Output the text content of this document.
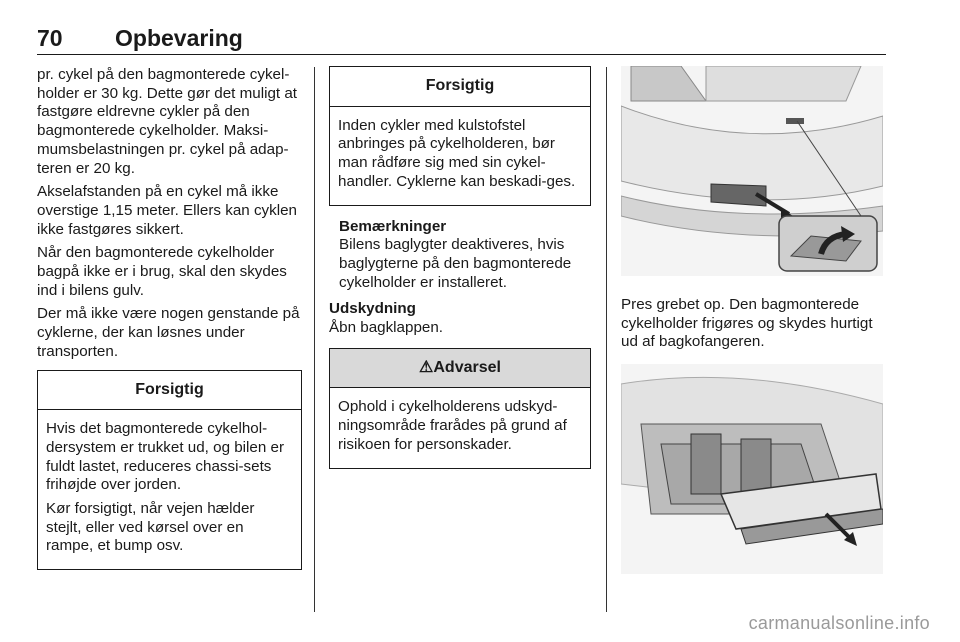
70 Opbevaring

pr. cykel på den bagmonterede cykel-holder er 30 kg. Dette gør det muligt at fastgøre eldrevne cykler på den bagmonterede cykelholder. Maksi-mumsbelastningen pr. cykel på adap-teren er 20 kg.

Akselafstanden på en cykel må ikke overstige 1,15 meter. Ellers kan cyklen ikke fastgøres sikkert.

Når den bagmonterede cykelholder bagpå ikke er i brug, skal den skydes ind i bilens gulv.

Der må ikke være nogen genstande på cyklerne, der kan løsnes under transporten.

Forsigtig

Hvis det bagmonterede cykelhol-dersystem er trukket ud, og bilen er fuldt lastet, reduceres chassi-sets frihøjde over jorden.

Kør forsigtigt, når vejen hælder stejlt, eller ved kørsel over en rampe, et bump osv.

Forsigtig

Inden cykler med kulstofstel anbringes på cykelholderen, bør man rådføre sig med sin cykel-handler. Cyklerne kan beskadi-ges.

Bemærkninger
Bilens baglygter deaktiveres, hvis baglygterne på den bagmonterede cykelholder er installeret.
Udskydning
Åbn bagklappen.
⚠Advarsel

Ophold i cykelholderens udskyd-ningsområde frarådes på grund af risikoen for personskader.

Pres grebet op. Den bagmonterede cykelholder frigøres og skydes hurtigt ud af bagkofangeren.

carmanualsonline.info
